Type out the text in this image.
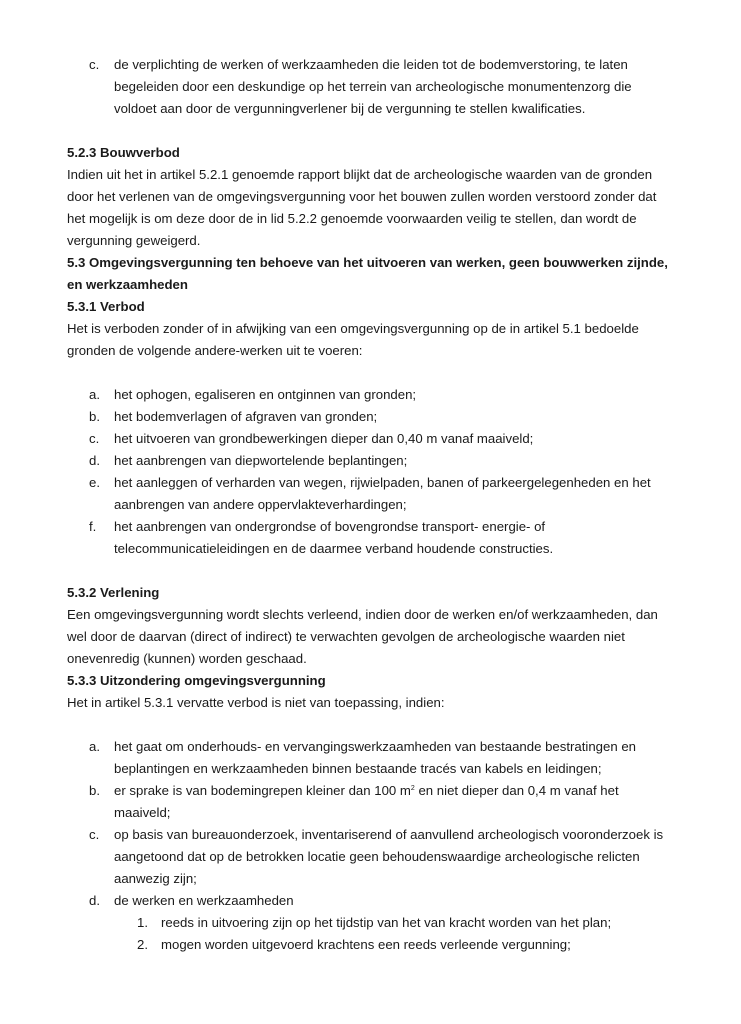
c. de verplichting de werken of werkzaamheden die leiden tot de bodemverstoring, te laten begeleiden door een deskundige op het terrein van archeologische monumentenzorg die voldoet aan door de vergunningverlener bij de vergunning te stellen kwalificaties.

5.2.3 Bouwverbod

Indien uit het in artikel 5.2.1 genoemde rapport blijkt dat de archeologische waarden van de gronden door het verlenen van de omgevingsvergunning voor het bouwen zullen worden verstoord zonder dat het mogelijk is om deze door de in lid 5.2.2 genoemde voorwaarden veilig te stellen, dan wordt de vergunning geweigerd.

5.3 Omgevingsvergunning ten behoeve van het uitvoeren van werken, geen bouwwerken zijnde, en werkzaamheden

5.3.1 Verbod

Het is verboden zonder of in afwijking van een omgevingsvergunning op de in artikel 5.1 bedoelde gronden de volgende andere-werken uit te voeren:

a. het ophogen, egaliseren en ontginnen van gronden;
b. het bodemverlagen of afgraven van gronden;
c. het uitvoeren van grondbewerkingen dieper dan 0,40 m vanaf maaiveld;
d. het aanbrengen van diepwortelende beplantingen;
e. het aanleggen of verharden van wegen, rijwielpaden, banen of parkeergelegenheden en het aanbrengen van andere oppervlakteverhardingen;
f. het aanbrengen van ondergrondse of bovengrondse transport- energie- of telecommunicatieleidingen en de daarmee verband houdende constructies.

5.3.2 Verlening

Een omgevingsvergunning wordt slechts verleend, indien door de werken en/of werkzaamheden, dan wel door de daarvan (direct of indirect) te verwachten gevolgen de archeologische waarden niet onevenredig (kunnen) worden geschaad.

5.3.3 Uitzondering omgevingsvergunning

Het in artikel 5.3.1 vervatte verbod is niet van toepassing, indien:

a. het gaat om onderhouds- en vervangingswerkzaamheden van bestaande bestratingen en beplantingen en werkzaamheden binnen bestaande tracés van kabels en leidingen;
b. er sprake is van bodemingrepen kleiner dan 100 $m^2$ en niet dieper dan 0,4 m vanaf het maaiveld;
c. op basis van bureauonderzoek, inventariserend of aanvullend archeologisch vooronderzoek is aangetoond dat op de betrokken locatie geen behoudenswaardige archeologische relicten aanwezig zijn;
d. de werken en werkzaamheden
1. reeds in uitvoering zijn op het tijdstip van het van kracht worden van het plan;
2. mogen worden uitgevoerd krachtens een reeds verleende vergunning;
